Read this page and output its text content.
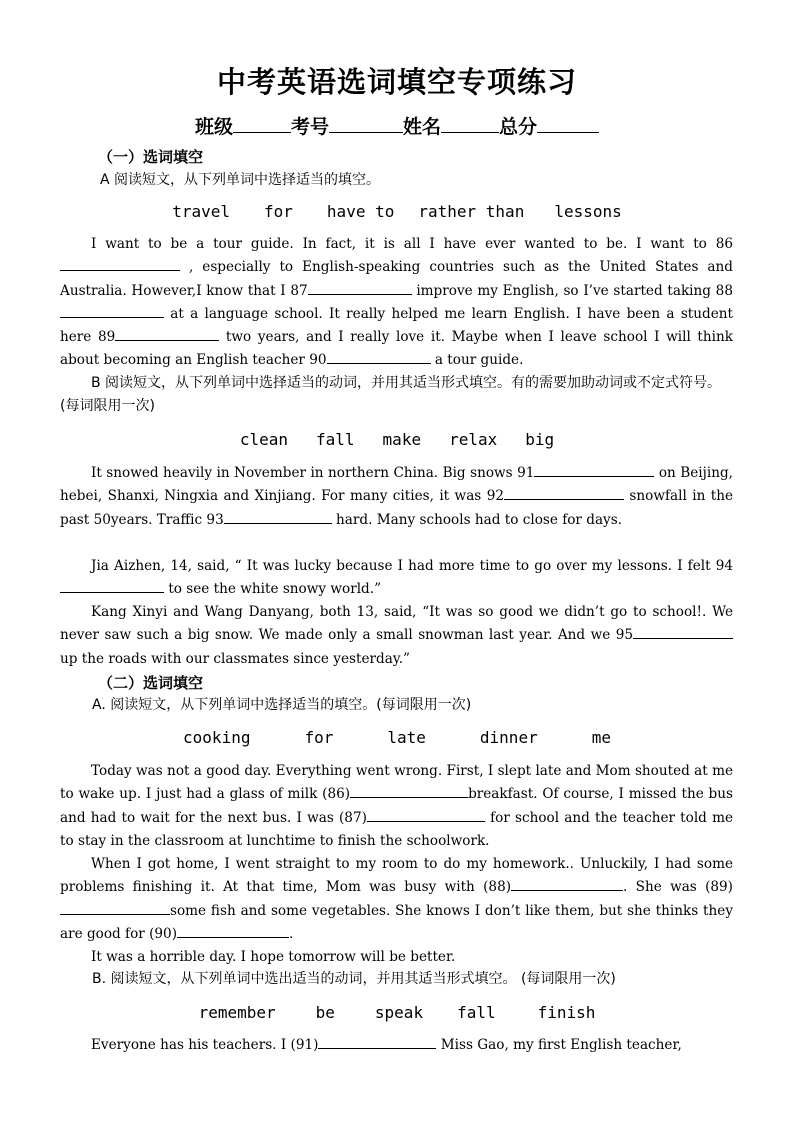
中考英语选词填空专项练习
班级	考号	姓名	总分
（一）选词填空
A 阅读短文，从下列单词中选择适当的填空。
travel for have to rather than lessons
I want to be a tour guide. In fact, it is all I have ever wanted to be. I want to 86 , especially to English-speaking countries such as the United States and Australia. However,I know that I 87	improve my English, so I’ve started taking 88 at a language school. It really helped me learn English. I have been a student here 89	two years, and I really love it. Maybe when I leave school I will think about becoming an English teacher 90	a tour guide.
B 阅读短文，从下列单词中选择适当的动词，并用其适当形式填空。有的需要加助动词或不定式符号。(每词限用一次)
clean fall make relax big
It snowed heavily in November in northern China. Big snows 91	on Beijing, hebei, Shanxi, Ningxia and Xinjiang. For many cities, it was 92	snowfall in the past 50years. Traffic 93	hard. Many schools had to close for days.
Jia Aizhen, 14, said, “ It was lucky because I had more time to go over my lessons. I felt 94 to see the white snowy world.”
Kang Xinyi and Wang Danyang, both 13, said, “It was so good we didn’t go to school!. We never saw such a big snow. We made only a small snowman last year. And we 95 up the roads with our classmates since yesterday.”
（二）选词填空
A. 阅读短文，从下列单词中选择适当的填空。(每词限用一次)
cooking	for	late	dinner	me
Today was not a good day. Everything went wrong. First, I slept late and Mom shouted at me to wake up. I just had a glass of milk (86)	breakfast. Of course, I missed the bus and had to wait for the next bus. I was (87)	for school and the teacher told me to stay in the classroom at lunchtime to finish the schoolwork.
When I got home, I went straight to my room to do my homework.. Unluckily, I had some problems finishing it. At that time, Mom was busy with (88)	. She was (89)some fish and some vegetables. She knows I don’t like them, but she thinks they are good for (90)	.
It was a horrible day. I hope tomorrow will be better.
B. 阅读短文，从下列单词中选出适当的动词，并用其适当形式填空。 (每词限用一次)
remember	be	speak fall	finish
Everyone has his teachers. I (91)	Miss Gao, my first English teacher,
